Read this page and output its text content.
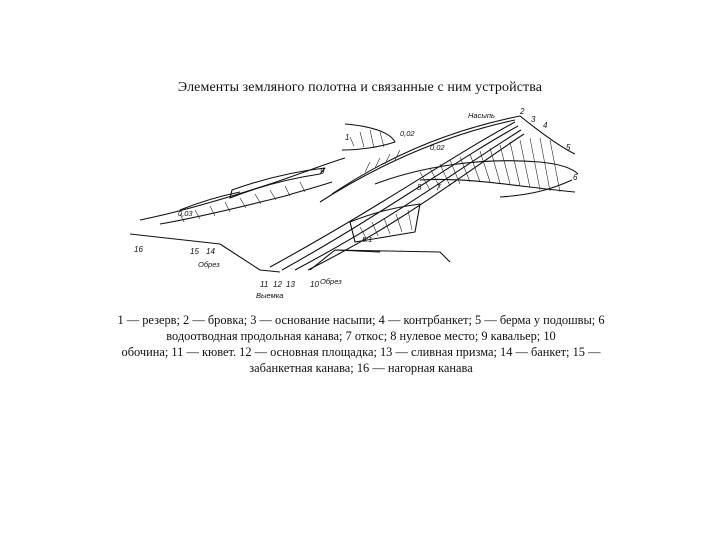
Элементы земляного полотна и связанные с ним устройства
1
2
3
4
5
6
7
8
9
10
11 12 13
14
15
16
Насыпь
Выемка
Обрез
Обрез
0,02
0,03
0,02
5:1
1 — резерв; 2 — бровка; 3 — основание насыпи; 4 — контрбанкет; 5 — берма у подошвы; 6
водоотводная продольная канава; 7 откос; 8 нулевое место; 9 кавальер; 10
обочина; 11 — кювет. 12 — основная площадка; 13 — сливная призма; 14 — банкет; 15 —
забанкетная канава; 16 — нагорная канава
